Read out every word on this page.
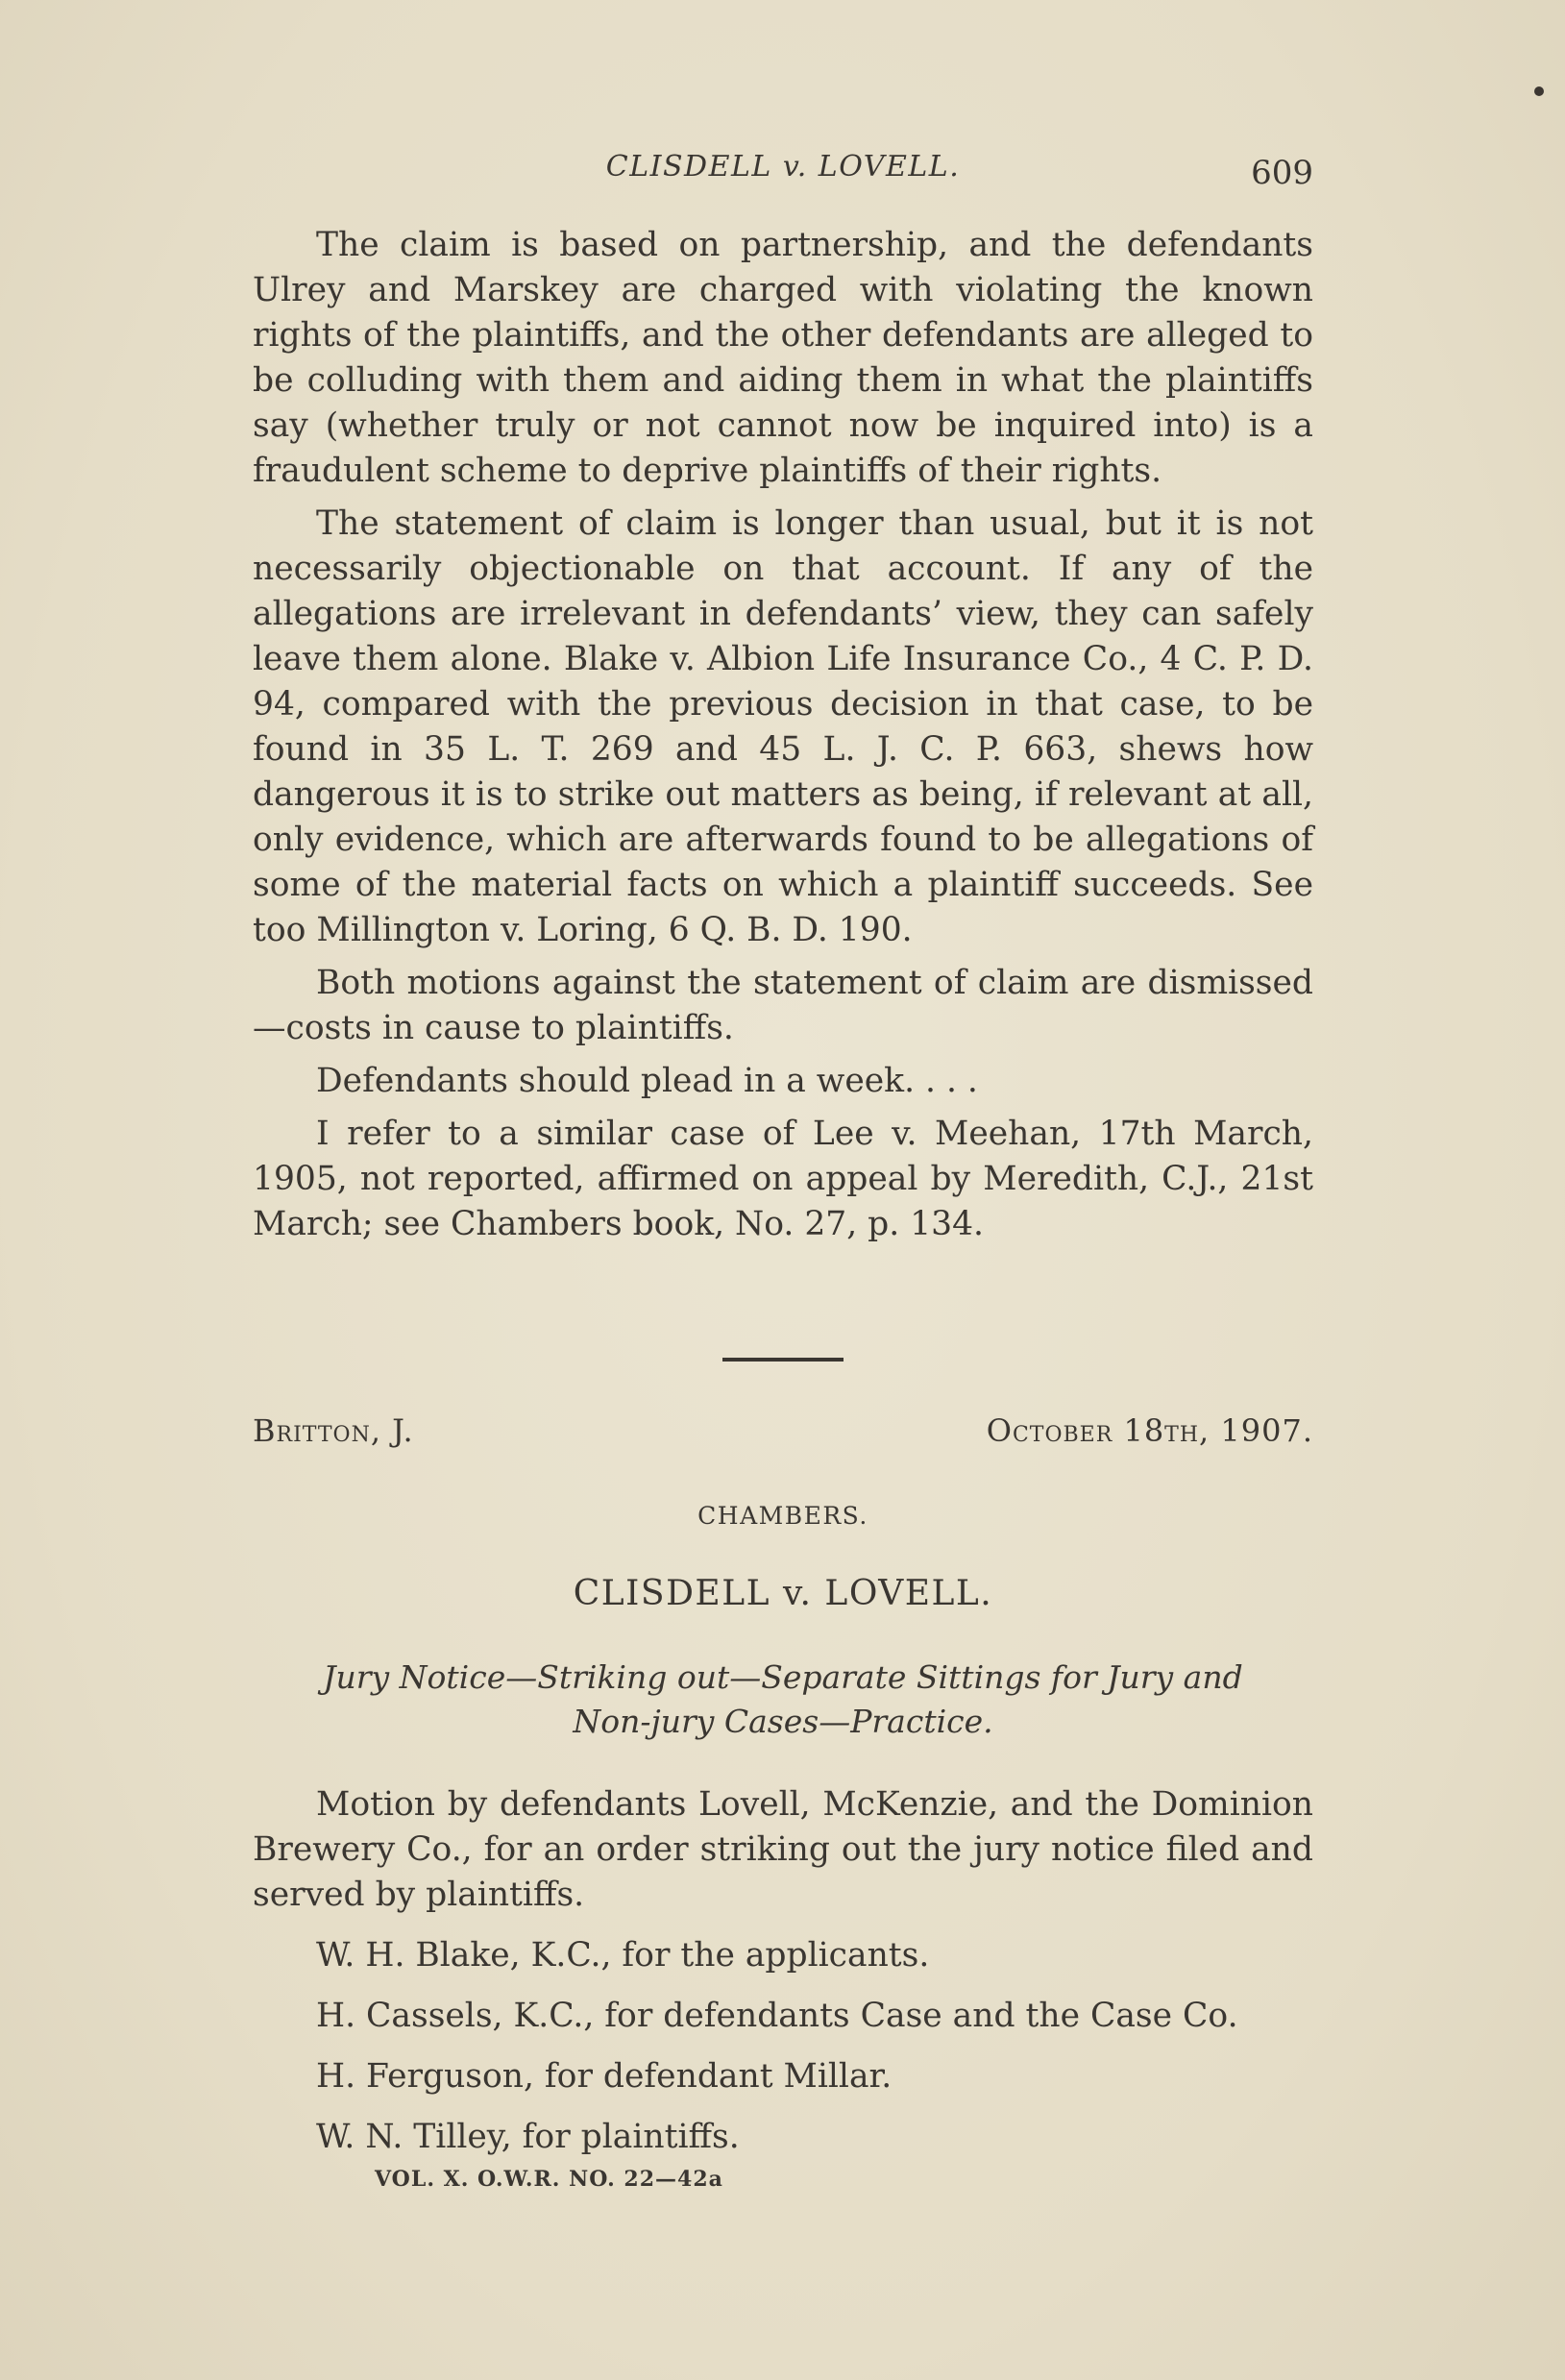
CLISDELL v. LOVELL.	609

The claim is based on partnership, and the defendants Ulrey and Marskey are charged with violating the known rights of the plaintiffs, and the other defendants are alleged to be colluding with them and aiding them in what the plaintiffs say (whether truly or not cannot now be inquired into) is a fraudulent scheme to deprive plaintiffs of their rights.

The statement of claim is longer than usual, but it is not necessarily objectionable on that account. If any of the allegations are irrelevant in defendants’ view, they can safely leave them alone. Blake v. Albion Life Insurance Co., 4 C. P. D. 94, compared with the previous decision in that case, to be found in 35 L. T. 269 and 45 L. J. C. P. 663, shews how dangerous it is to strike out matters as being, if relevant at all, only evidence, which are afterwards found to be allegations of some of the material facts on which a plaintiff succeeds. See too Millington v. Loring, 6 Q. B. D. 190.

Both motions against the statement of claim are dismissed—costs in cause to plaintiffs.

Defendants should plead in a week. . . .

I refer to a similar case of Lee v. Meehan, 17th March, 1905, not reported, affirmed on appeal by Meredith, C.J., 21st March; see Chambers book, No. 27, p. 134.

Britton, J.	October 18th, 1907.
CHAMBERS.
CLISDELL v. LOVELL.
Jury Notice—Striking out—Separate Sittings for Jury and
Non-jury Cases—Practice.

Motion by defendants Lovell, McKenzie, and the Dominion Brewery Co., for an order striking out the jury notice filed and served by plaintiffs.

W. H. Blake, K.C., for the applicants.
H. Cassels, K.C., for defendants Case and the Case Co.
H. Ferguson, for defendant Millar.
W. N. Tilley, for plaintiffs.
VOL. X. O.W.R. NO. 22—42a
